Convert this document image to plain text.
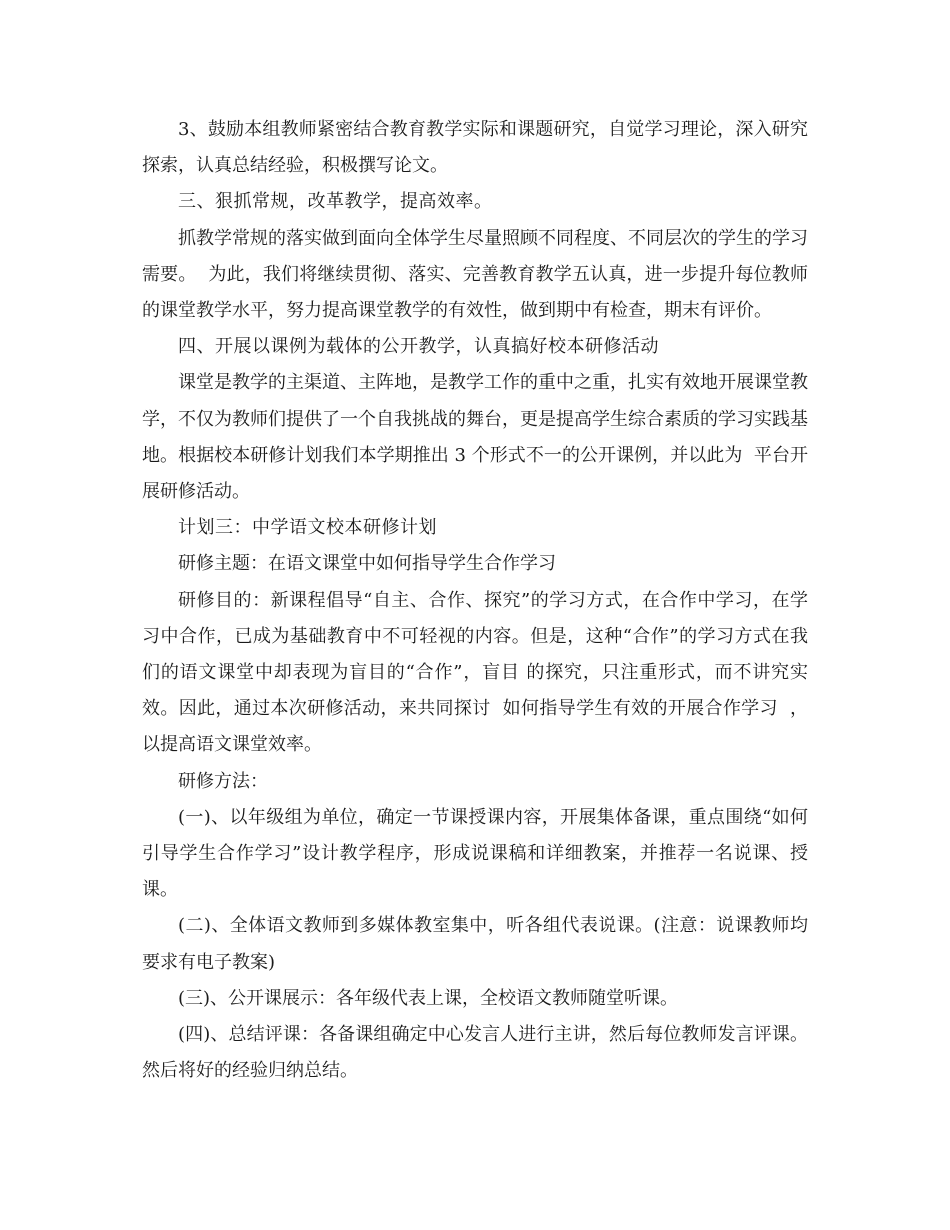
3、鼓励本组教师紧密结合教育教学实际和课题研究，自觉学习理论，深入研究探索，认真总结经验，积极撰写论文。

三、狠抓常规，改革教学，提高效率。

抓教学常规的落实做到面向全体学生尽量照顾不同程度、不同层次的学生的学习需要。  为此，我们将继续贯彻、落实、完善教育教学五认真，进一步提升每位教师的课堂教学水平，努力提高课堂教学的有效性，做到期中有检查，期末有评价。

四、开展以课例为载体的公开教学，认真搞好校本研修活动

课堂是教学的主渠道、主阵地，是教学工作的重中之重，扎实有效地开展课堂教学，不仅为教师们提供了一个自我挑战的舞台，更是提高学生综合素质的学习实践基地。根据校本研修计划我们本学期推出 3 个形式不一的公开课例，并以此为  平台开展研修活动。

计划三：中学语文校本研修计划

研修主题：在语文课堂中如何指导学生合作学习

研修目的：新课程倡导“自主、合作、探究”的学习方式，在合作中学习，在学习中合作，已成为基础教育中不可轻视的内容。但是，这种“合作”的学习方式在我们的语文课堂中却表现为盲目的“合作”，盲目 的探究，只注重形式，而不讲究实效。因此，通过本次研修活动，来共同探讨  如何指导学生有效的开展合作学习  ，以提高语文课堂效率。

研修方法：

(一)、以年级组为单位，确定一节课授课内容，开展集体备课，重点围绕“如何引导学生合作学习”设计教学程序，形成说课稿和详细教案，并推荐一名说课、授课。

(二)、全体语文教师到多媒体教室集中，听各组代表说课。(注意：说课教师均要求有电子教案)

(三)、公开课展示：各年级代表上课，全校语文教师随堂听课。

(四)、总结评课：各备课组确定中心发言人进行主讲，然后每位教师发言评课。然后将好的经验归纳总结。
